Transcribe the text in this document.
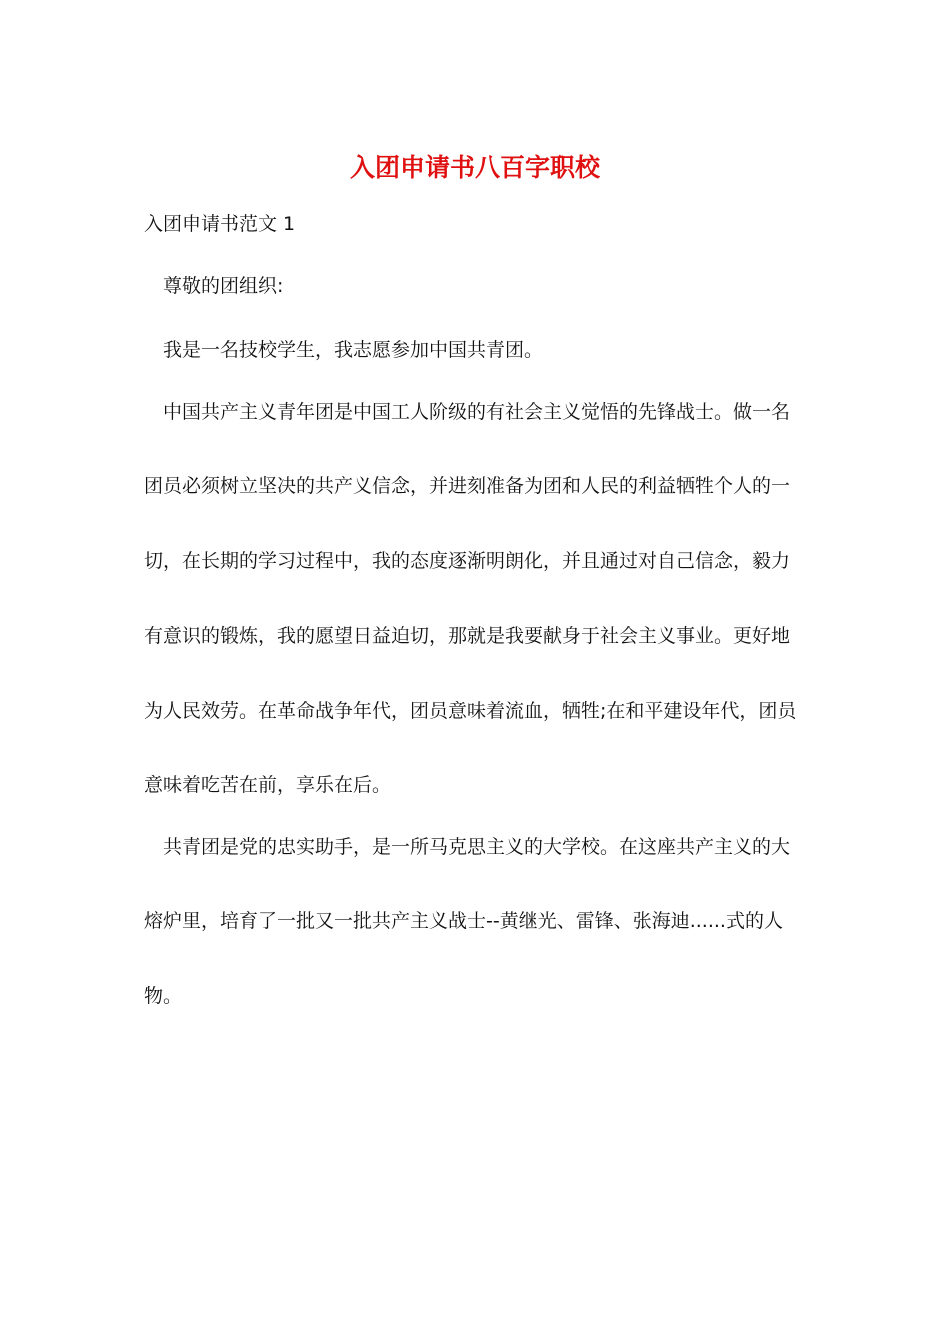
入团申请书八百字职校
入团申请书范文 1
尊敬的团组织:
我是一名技校学生，我志愿参加中国共青团。
中国共产主义青年团是中国工人阶级的有社会主义觉悟的先锋战士。做一名
团员必须树立坚决的共产义信念，并进刻准备为团和人民的利益牺牲个人的一
切，在长期的学习过程中，我的态度逐渐明朗化，并且通过对自己信念，毅力
有意识的锻炼，我的愿望日益迫切，那就是我要献身于社会主义事业。更好地
为人民效劳。在革命战争年代，团员意味着流血，牺牲;在和平建设年代，团员
意味着吃苦在前，享乐在后。
共青团是党的忠实助手，是一所马克思主义的大学校。在这座共产主义的大
熔炉里，培育了一批又一批共产主义战士--黄继光、雷锋、张海迪......式的人
物。
